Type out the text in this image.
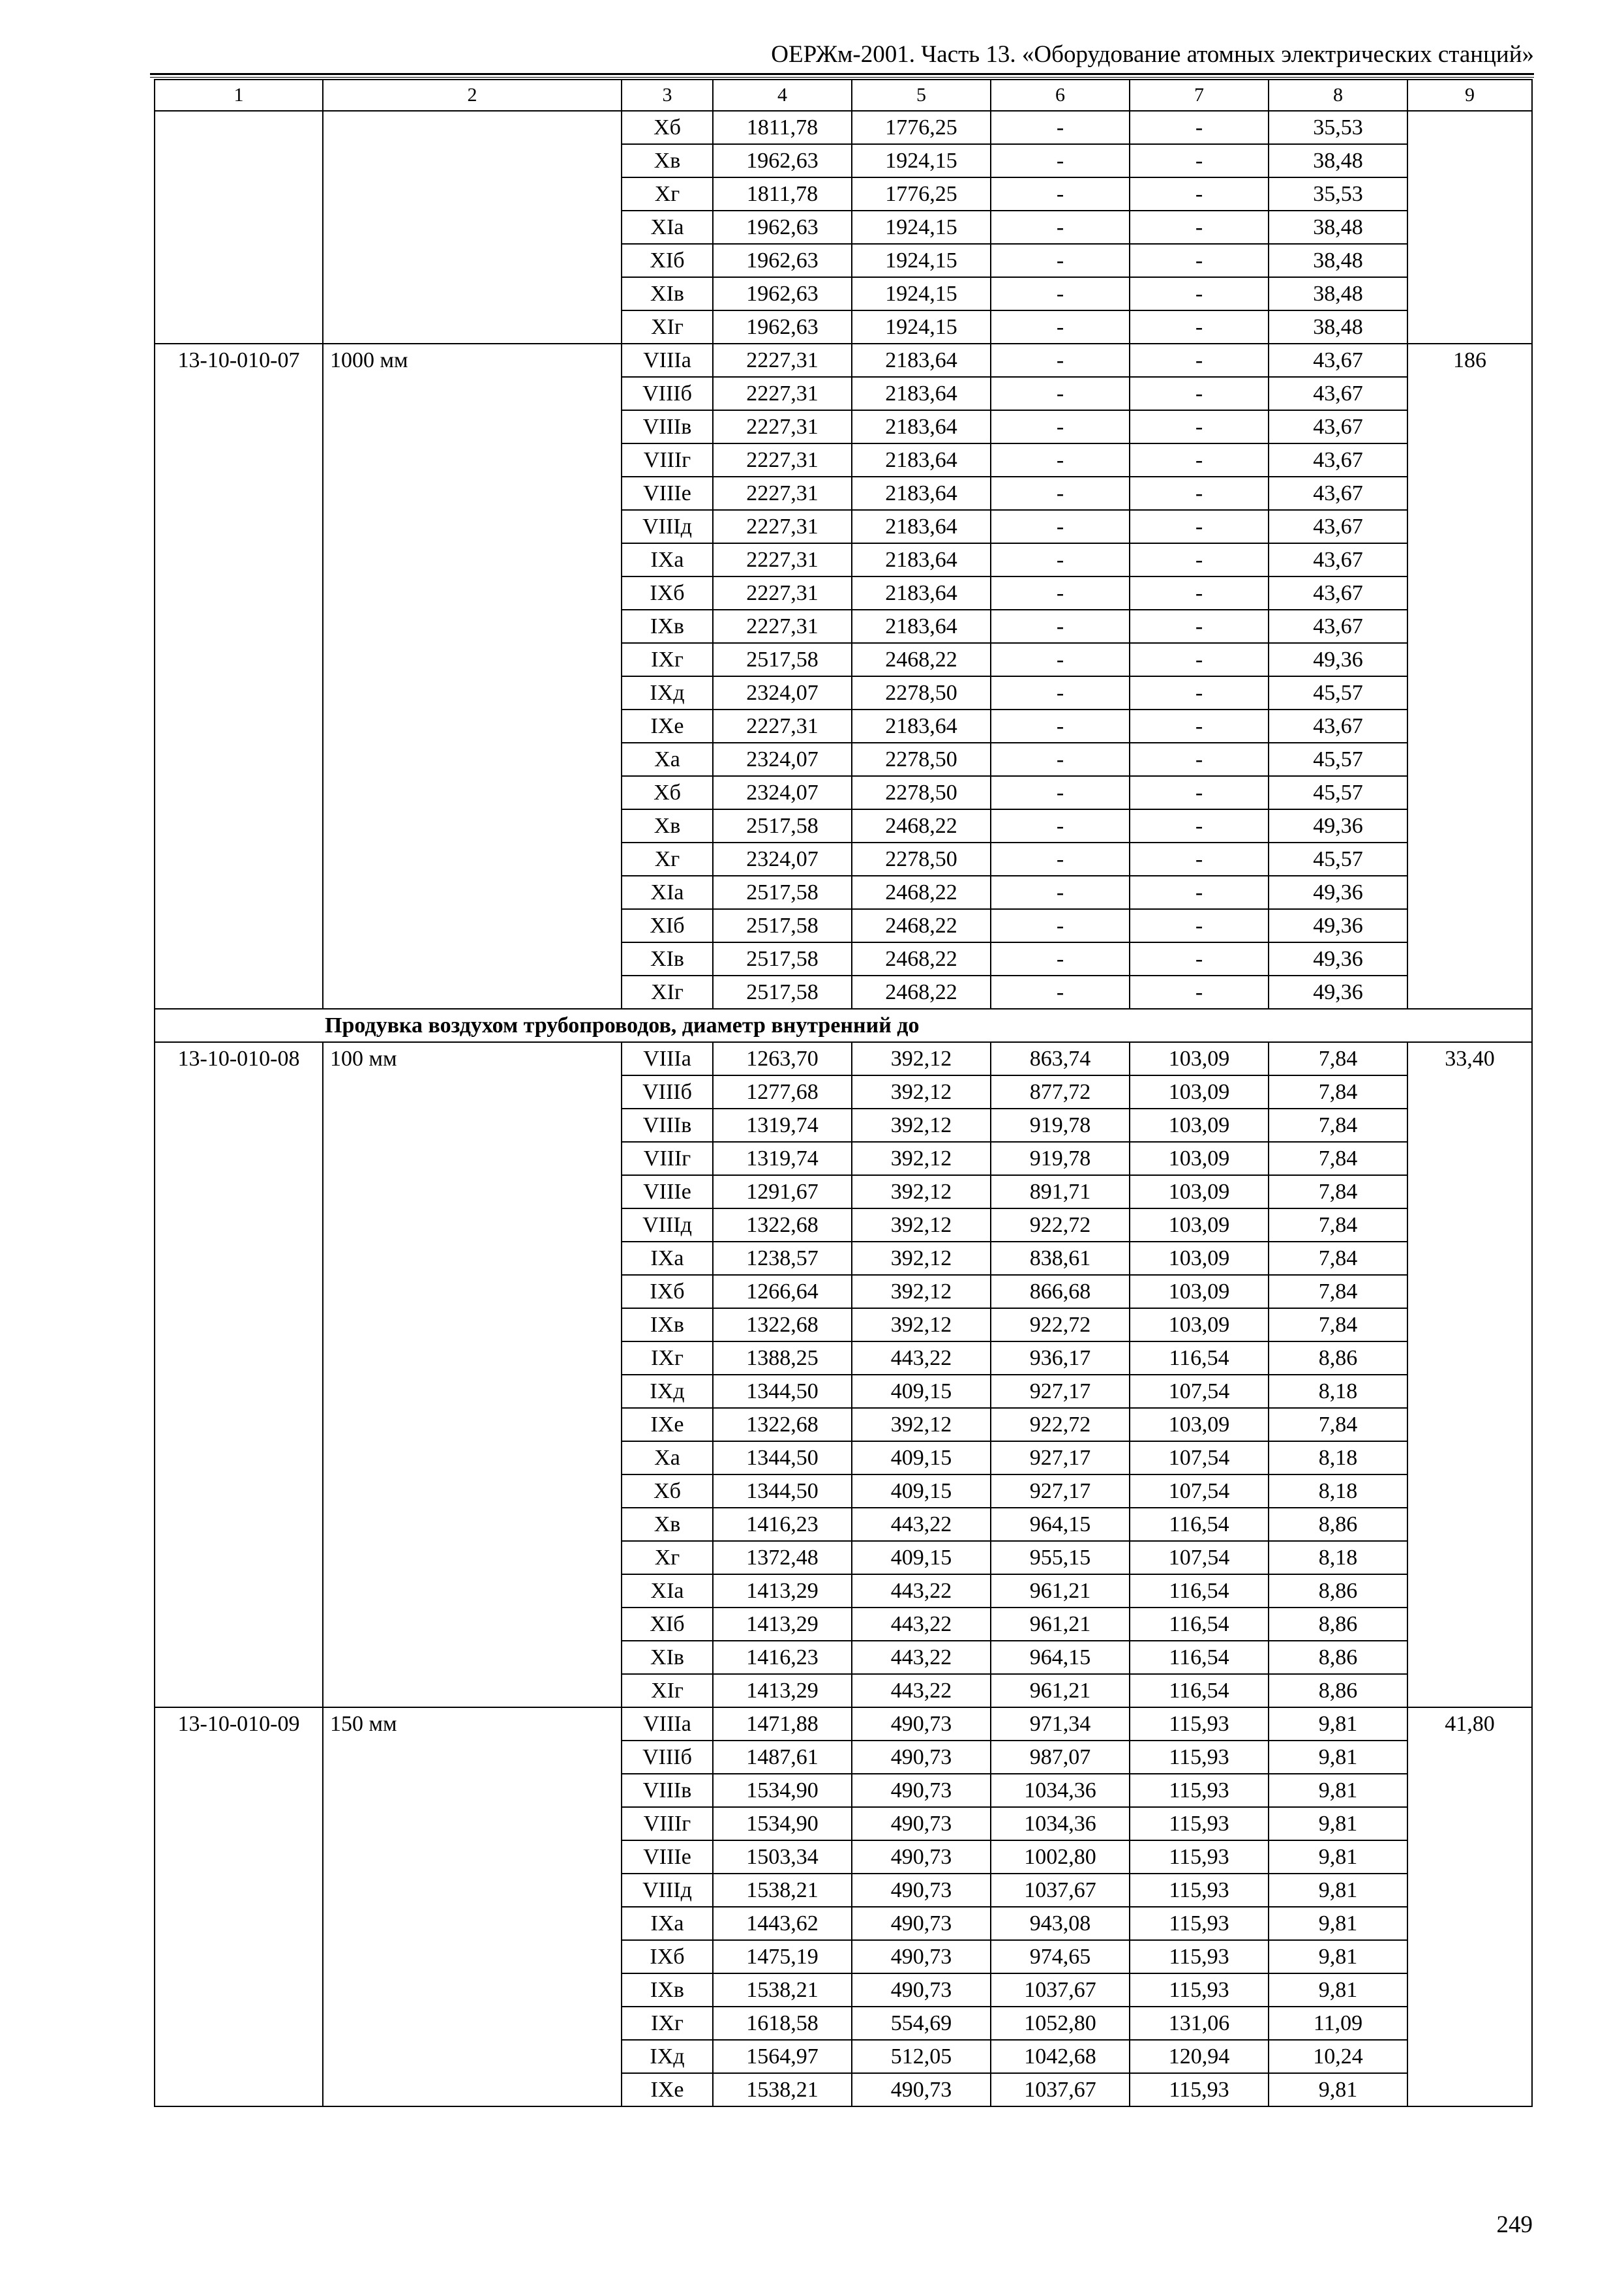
ОЕРЖм-2001. Часть 13. «Оборудование атомных электрических станций»
1	2	3	4	5	6	7	8	9
		Xб	1811,78	1776,25	-	-	35,53	
		Xв	1962,63	1924,15	-	-	38,48	
		Xг	1811,78	1776,25	-	-	35,53	
		XIа	1962,63	1924,15	-	-	38,48	
		XIб	1962,63	1924,15	-	-	38,48	
		XIв	1962,63	1924,15	-	-	38,48	
		XIг	1962,63	1924,15	-	-	38,48	
13-10-010-07	1000 мм	VIIIа	2227,31	2183,64	-	-	43,67	186
		VIIIб	2227,31	2183,64	-	-	43,67	
		VIIIв	2227,31	2183,64	-	-	43,67	
		VIIIг	2227,31	2183,64	-	-	43,67	
		VIIIе	2227,31	2183,64	-	-	43,67	
		VIIIд	2227,31	2183,64	-	-	43,67	
		IXа	2227,31	2183,64	-	-	43,67	
		IXб	2227,31	2183,64	-	-	43,67	
		IXв	2227,31	2183,64	-	-	43,67	
		IXг	2517,58	2468,22	-	-	49,36	
		IXд	2324,07	2278,50	-	-	45,57	
		IXе	2227,31	2183,64	-	-	43,67	
		Xа	2324,07	2278,50	-	-	45,57	
		Xб	2324,07	2278,50	-	-	45,57	
		Xв	2517,58	2468,22	-	-	49,36	
		Xг	2324,07	2278,50	-	-	45,57	
		XIа	2517,58	2468,22	-	-	49,36	
		XIб	2517,58	2468,22	-	-	49,36	
		XIв	2517,58	2468,22	-	-	49,36	
		XIг	2517,58	2468,22	-	-	49,36	
Продувка воздухом трубопроводов, диаметр внутренний до								
13-10-010-08	100 мм	VIIIа	1263,70	392,12	863,74	103,09	7,84	33,40
		VIIIб	1277,68	392,12	877,72	103,09	7,84	
		VIIIв	1319,74	392,12	919,78	103,09	7,84	
		VIIIг	1319,74	392,12	919,78	103,09	7,84	
		VIIIе	1291,67	392,12	891,71	103,09	7,84	
		VIIIд	1322,68	392,12	922,72	103,09	7,84	
		IXа	1238,57	392,12	838,61	103,09	7,84	
		IXб	1266,64	392,12	866,68	103,09	7,84	
		IXв	1322,68	392,12	922,72	103,09	7,84	
		IXг	1388,25	443,22	936,17	116,54	8,86	
		IXд	1344,50	409,15	927,17	107,54	8,18	
		IXе	1322,68	392,12	922,72	103,09	7,84	
		Xа	1344,50	409,15	927,17	107,54	8,18	
		Xб	1344,50	409,15	927,17	107,54	8,18	
		Xв	1416,23	443,22	964,15	116,54	8,86	
		Xг	1372,48	409,15	955,15	107,54	8,18	
		XIа	1413,29	443,22	961,21	116,54	8,86	
		XIб	1413,29	443,22	961,21	116,54	8,86	
		XIв	1416,23	443,22	964,15	116,54	8,86	
		XIг	1413,29	443,22	961,21	116,54	8,86	
13-10-010-09	150 мм	VIIIа	1471,88	490,73	971,34	115,93	9,81	41,80
		VIIIб	1487,61	490,73	987,07	115,93	9,81	
		VIIIв	1534,90	490,73	1034,36	115,93	9,81	
		VIIIг	1534,90	490,73	1034,36	115,93	9,81	
		VIIIе	1503,34	490,73	1002,80	115,93	9,81	
		VIIIд	1538,21	490,73	1037,67	115,93	9,81	
		IXа	1443,62	490,73	943,08	115,93	9,81	
		IXб	1475,19	490,73	974,65	115,93	9,81	
		IXв	1538,21	490,73	1037,67	115,93	9,81	
		IXг	1618,58	554,69	1052,80	131,06	11,09	
		IXд	1564,97	512,05	1042,68	120,94	10,24	
		IXе	1538,21	490,73	1037,67	115,93	9,81	
249
